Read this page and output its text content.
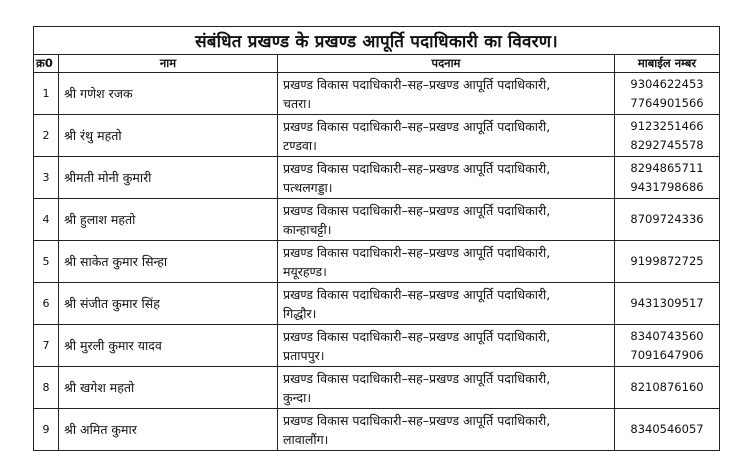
संबंधित प्रखण्ड के प्रखण्ड आपूर्ति पदाधिकारी का विवरण।			
क्र0	नाम	पदनाम	माबाईल नम्बर
1	श्री गणेश रजक	प्रखण्ड विकास पदाधिकारी–सह–प्रखण्ड आपूर्ति पदाधिकारी,
चतरा।	9304622453
7764901566

2	श्री रंथु महतो	प्रखण्ड विकास पदाधिकारी–सह–प्रखण्ड आपूर्ति पदाधिकारी,
टण्डवा।	9123251466
8292745578

3	श्रीमती मोनी कुमारी	प्रखण्ड विकास पदाधिकारी–सह–प्रखण्ड आपूर्ति पदाधिकारी,
पत्थलगड्डा।	8294865711
9431798686

4	श्री हुलाश महतो	प्रखण्ड विकास पदाधिकारी–सह–प्रखण्ड आपूर्ति पदाधिकारी,
कान्हाचट्टी।	8709724336

5	श्री साकेत कुमार सिन्हा	प्रखण्ड विकास पदाधिकारी–सह–प्रखण्ड आपूर्ति पदाधिकारी,
मयूरहण्ड।	9199872725

6	श्री संजीत कुमार सिंह	प्रखण्ड विकास पदाधिकारी–सह–प्रखण्ड आपूर्ति पदाधिकारी,
गिद्धौर।	9431309517

7	श्री मुरली कुमार यादव	प्रखण्ड विकास पदाधिकारी–सह–प्रखण्ड आपूर्ति पदाधिकारी,
प्रतापपुर।	8340743560
7091647906

8	श्री खगेश महतो	प्रखण्ड विकास पदाधिकारी–सह–प्रखण्ड आपूर्ति पदाधिकारी,
कुन्दा।	8210876160

9	श्री अमित कुमार	प्रखण्ड विकास पदाधिकारी–सह–प्रखण्ड आपूर्ति पदाधिकारी,
लावालौंग।	8340546057
